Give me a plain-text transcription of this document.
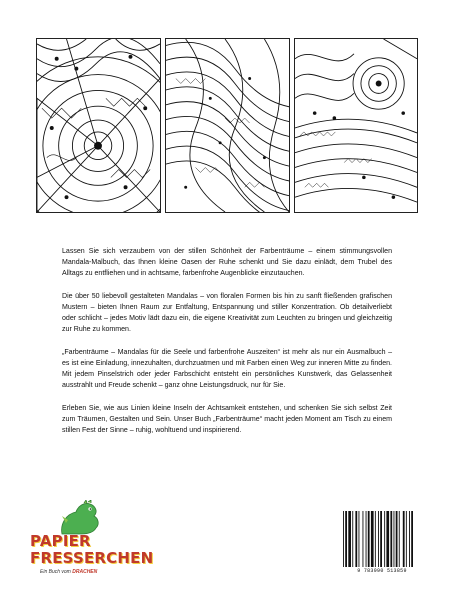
Lassen Sie sich verzaubern von der stillen Schönheit der Farbenträume – einem stimmungsvollen Mandala-Malbuch, das Ihnen kleine Oasen der Ruhe schenkt und Sie dazu einlädt, dem Trubel des Alltags zu entfliehen und in achtsame, farbenfrohe Augenblicke einzutauchen.

Die über 50 liebevoll gestalteten Mandalas – von floralen Formen bis hin zu sanft fließenden grafischen Mustern – bieten Ihnen Raum zur Entfaltung, Entspannung und stiller Konzentration. Ob detailverliebt oder schlicht – jedes Motiv lädt dazu ein, die eigene Kreativität zum Leuchten zu bringen und gleichzeitig zur Ruhe zu kommen.

„Farbenträume – Mandalas für die Seele und farbenfrohe Auszeiten“ ist mehr als nur ein Ausmalbuch – es ist eine Einladung, innezuhalten, durchzuatmen und mit Farben einen Weg zur inneren Mitte zu finden. Mit jedem Pinselstrich oder jeder Farbschicht entsteht ein persönliches Kunstwerk, das Gelassenheit ausstrahlt und Freude schenkt – ganz ohne Leistungsdruck, nur für Sie.

Erleben Sie, wie aus Linien kleine Inseln der Achtsamkeit entstehen, und schenken Sie sich selbst Zeit zum Träumen, Gestalten und Sein. Unser Buch „Farbenträume“ macht jeden Moment am Tisch zu einem stillen Fest der Sinne – ruhig, wohltuend und inspirierend.

PAPIER
FRESSERCHEN
Ein Buch vom DRACHEN	9 783990 513859
